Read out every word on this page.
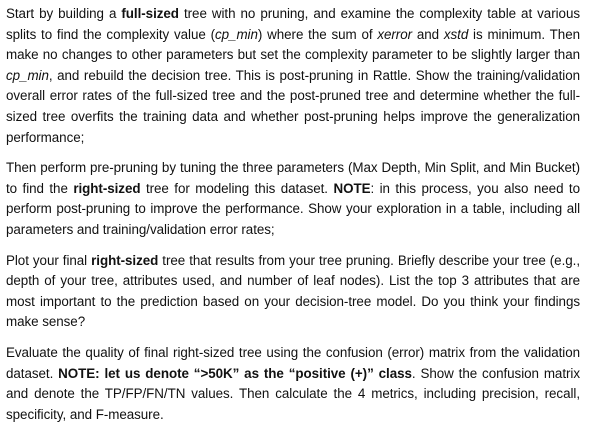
Start by building a full-sized tree with no pruning, and examine the complexity table at various splits to find the complexity value (cp_min) where the sum of xerror and xstd is minimum. Then make no changes to other parameters but set the complexity parameter to be slightly larger than cp_min, and rebuild the decision tree. This is post-pruning in Rattle. Show the training/validation overall error rates of the full-sized tree and the post-pruned tree and determine whether the full-sized tree overfits the training data and whether post-pruning helps improve the generalization performance;

Then perform pre-pruning by tuning the three parameters (Max Depth, Min Split, and Min Bucket) to find the right-sized tree for modeling this dataset. NOTE: in this process, you also need to perform post-pruning to improve the performance. Show your exploration in a table, including all parameters and training/validation error rates;

Plot your final right-sized tree that results from your tree pruning. Briefly describe your tree (e.g., depth of your tree, attributes used, and number of leaf nodes). List the top 3 attributes that are most important to the prediction based on your decision-tree model. Do you think your findings make sense?

Evaluate the quality of final right-sized tree using the confusion (error) matrix from the validation dataset. NOTE: let us denote “>50K” as the “positive (+)” class. Show the confusion matrix and denote the TP/FP/FN/TN values. Then calculate the 4 metrics, including precision, recall, specificity, and F-measure.
